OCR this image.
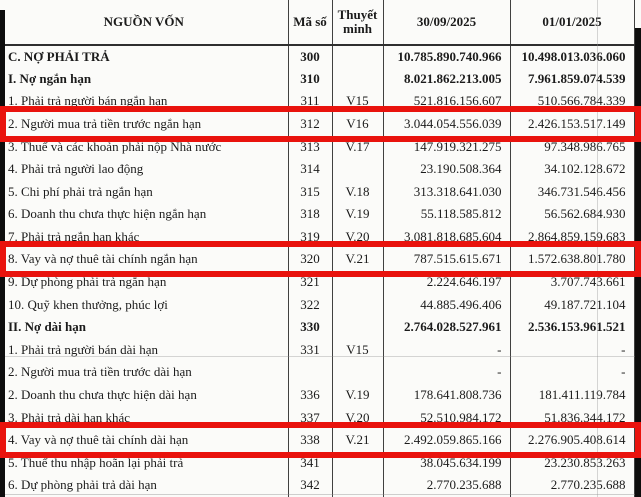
NGUỒN VỐN	Mã số	Thuyết minh	30/09/2025	01/01/2025
C. NỢ PHẢI TRẢ	300		10.785.890.740.966	10.498.013.036.060
I. Nợ ngắn hạn	310		8.021.862.213.005	7.961.859.074.539
1. Phải trả người bán ngắn hạn	311	V15	521.816.156.607	510.566.784.339
2. Người mua trả tiền trước ngắn hạn	312	V16	3.044.054.556.039	2.426.153.517.149
3. Thuế và các khoản phải nộp Nhà nước	313	V.17	147.919.321.275	97.348.986.765
4. Phải trả người lao động	314		23.190.508.364	34.102.128.672
5. Chi phí phải trả ngắn hạn	315	V.18	313.318.641.030	346.731.546.456
6. Doanh thu chưa thực hiện ngắn hạn	318	V.19	55.118.585.812	56.562.684.930
7. Phải trả ngắn hạn khác	319	V.20	3.081.818.685.604	2.864.859.159.683
8. Vay và nợ thuê tài chính ngắn hạn	320	V.21	787.515.615.671	1.572.638.801.780
9. Dự phòng phải trả ngắn hạn	321		2.224.646.197	3.707.743.661
10. Quỹ khen thưởng, phúc lợi	322		44.885.496.406	49.187.721.104
II. Nợ dài hạn	330		2.764.028.527.961	2.536.153.961.521
1. Phải trả người bán dài hạn	331	V15	-	-
2. Người mua trả tiền trước dài hạn			-	-
2. Doanh thu chưa thực hiện dài hạn	336	V.19	178.641.808.736	181.411.119.784
3. Phải trả dài hạn khác	337	V.20	52.510.984.172	51.836.344.172
4. Vay và nợ thuê tài chính dài hạn	338	V.21	2.492.059.865.166	2.276.905.408.614
5. Thuế thu nhập hoãn lại phải trả	341		38.045.634.199	23.230.853.263
6. Dự phòng phải trả dài hạn	342		2.770.235.688	2.770.235.688
